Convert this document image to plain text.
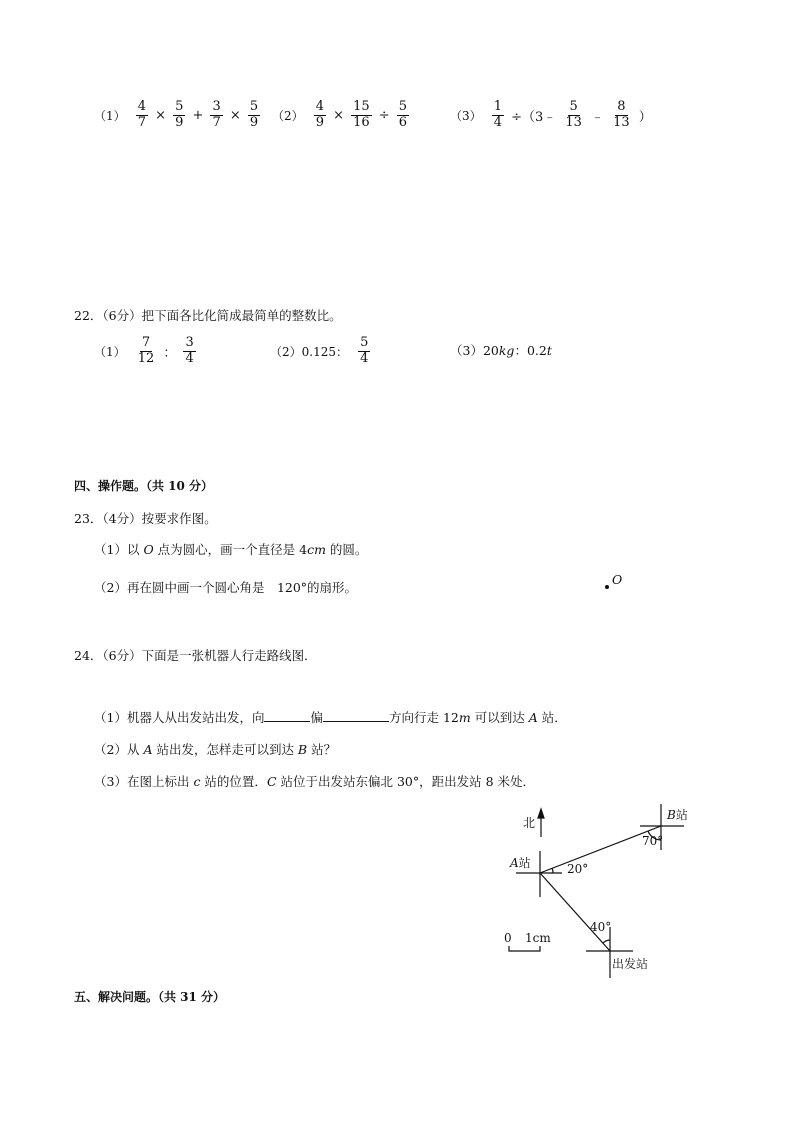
$(1) \frac{4}{7} \times \frac{5}{9} + \frac{3}{7} \times \frac{5}{9} (2) \frac{4}{9} \times \frac{15}{16} \div \frac{5}{6}$	$(3) \frac{1}{4}$ ÷（3﹣ $\frac{5}{13}$ ﹣ $\frac{8}{13}$ ）
22．（6分）把下面各比化简成最简单的整数比。
$(1) \frac{7}{12}$ ： $\frac{3}{4}$	（2）0.125： $\frac{5}{4}$	（3）20kg：0.2t
四、操作题。（共 10 分）
23．（4分）按要求作图。
（1）以 O 点为圆心，画一个直径是 4cm 的圆。
（2）再在圆中画一个圆心角是　120°的扇形。
O
24．（6分）下面是一张机器人行走路线图．
（1）机器人从出发站出发，向	偏	方向行走 12m 可以到达 A 站．
（2）从 A 站出发，怎样走可以到达 B 站？
（3）在图上标出 c 站的位置．C 站位于出发站东偏北 30°，距出发站 8 米处．
北
A站
B站
20°
70°
40°
出发站
0 1cm
五、解决问题。（共 31 分）
